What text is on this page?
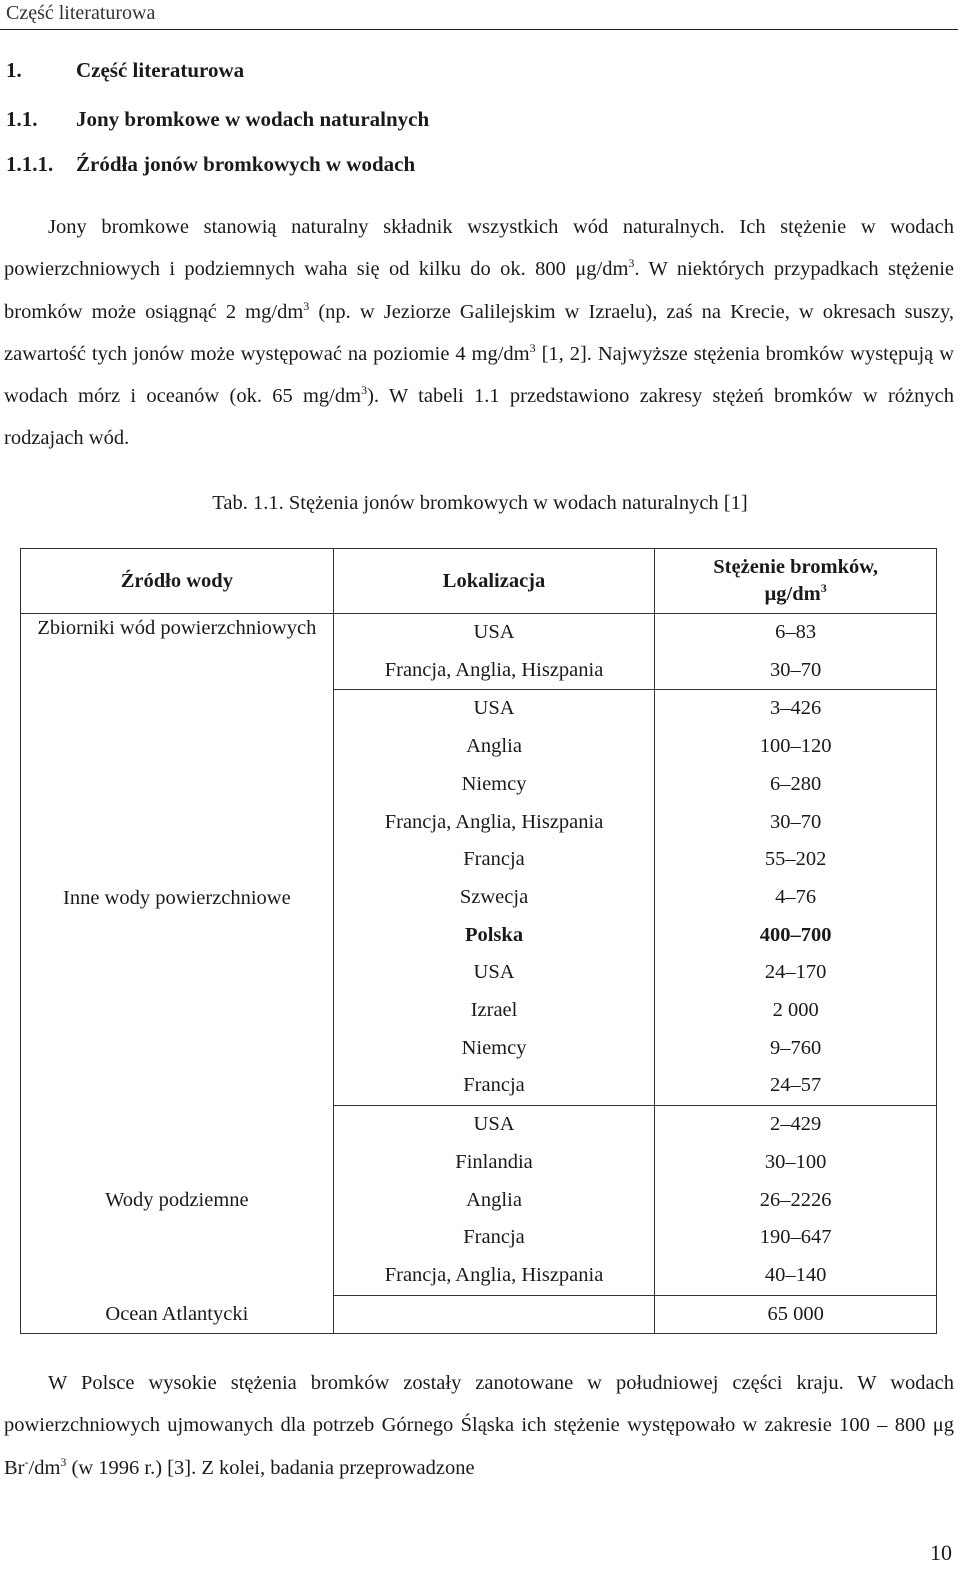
Część literaturowa
1.	Część literaturowa
1.1. Jony bromkowe w wodach naturalnych
1.1.1. Źródła jonów bromkowych w wodach

Jony bromkowe stanowią naturalny składnik wszystkich wód naturalnych. Ich stężenie w wodach powierzchniowych i podziemnych waha się od kilku do ok. 800 $\mu g/dm^3$. W niektórych przypadkach stężenie bromków może osiągnąć 2 $mg/dm^3$ (np. w Jeziorze Galilejskim w Izraelu), zaś na Krecie, w okresach suszy, zawartość tych jonów może występować na poziomie 4 $mg/dm^3$ [1, 2]. Najwyższe stężenia bromków występują w wodach mórz i oceanów (ok. 65 $mg/dm^3$). W tabeli 1.1 przedstawiono zakresy stężeń bromków w różnych rodzajach wód.

Tab. 1.1. Stężenia jonów bromkowych w wodach naturalnych [1]
Źródło wody	Lokalizacja	Stężenie bromków,
$\mu g/dm^3$
Zbiorniki wód powierzchniowych	USA	6–83
	Francja, Anglia, Hiszpania	30–70
Inne wody powierzchniowe	USA	3–426
	Anglia	100–120
	Niemcy	6–280
	Francja, Anglia, Hiszpania	30–70
	Francja	55–202
	Szwecja	4–76
	Polska	400–700
	USA	24–170
	Izrael	2 000
	Niemcy	9–760
	Francja	24–57
Wody podziemne	USA	2–429
	Finlandia	30–100
	Anglia	26–2226
	Francja	190–647
	Francja, Anglia, Hiszpania	40–140
Ocean Atlantycki		65 000

W Polsce wysokie stężenia bromków zostały zanotowane w południowej części kraju. W wodach powierzchniowych ujmowanych dla potrzeb Górnego Śląska ich stężenie występowało w zakresie 100 – 800 μg $Br^-/dm^3$ (w 1996 r.) [3]. Z kolei, badania przeprowadzone

10
